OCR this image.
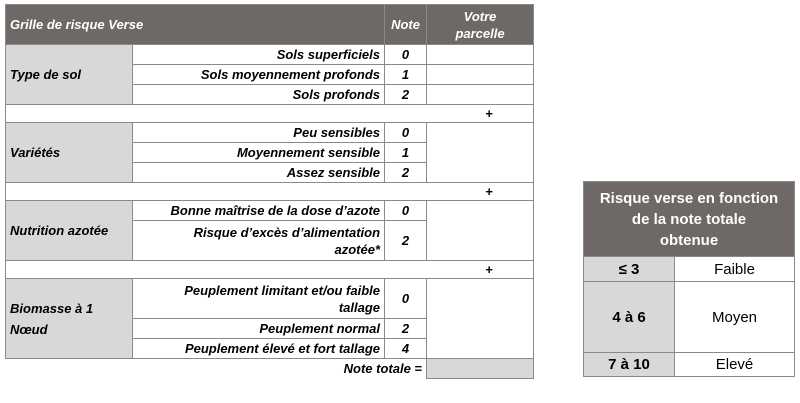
Grille de risque Verse		Note	Votre
parcelle
Type de sol	Sols superficiels	0	
	Sols moyennement profonds	1	
	Sols profonds	2	
+			
Variétés	Peu sensibles	0	
	Moyennement sensible	1	
	Assez sensible	2	
+			
Nutrition azotée	Bonne maîtrise de la dose d’azote	0	
	Risque d’excès d’alimentation
azotée*	2	
+			
Biomasse à 1
Nœud	Peuplement limitant et/ou faible
tallage	0	
	Peuplement normal	2	
	Peuplement élevé et fort tallage	4	
	Note totale =		
Risque verse en fonction
de la note totale
obtenue	
≤ 3	Faible
4 à 6	Moyen
7 à 10	Elevé
